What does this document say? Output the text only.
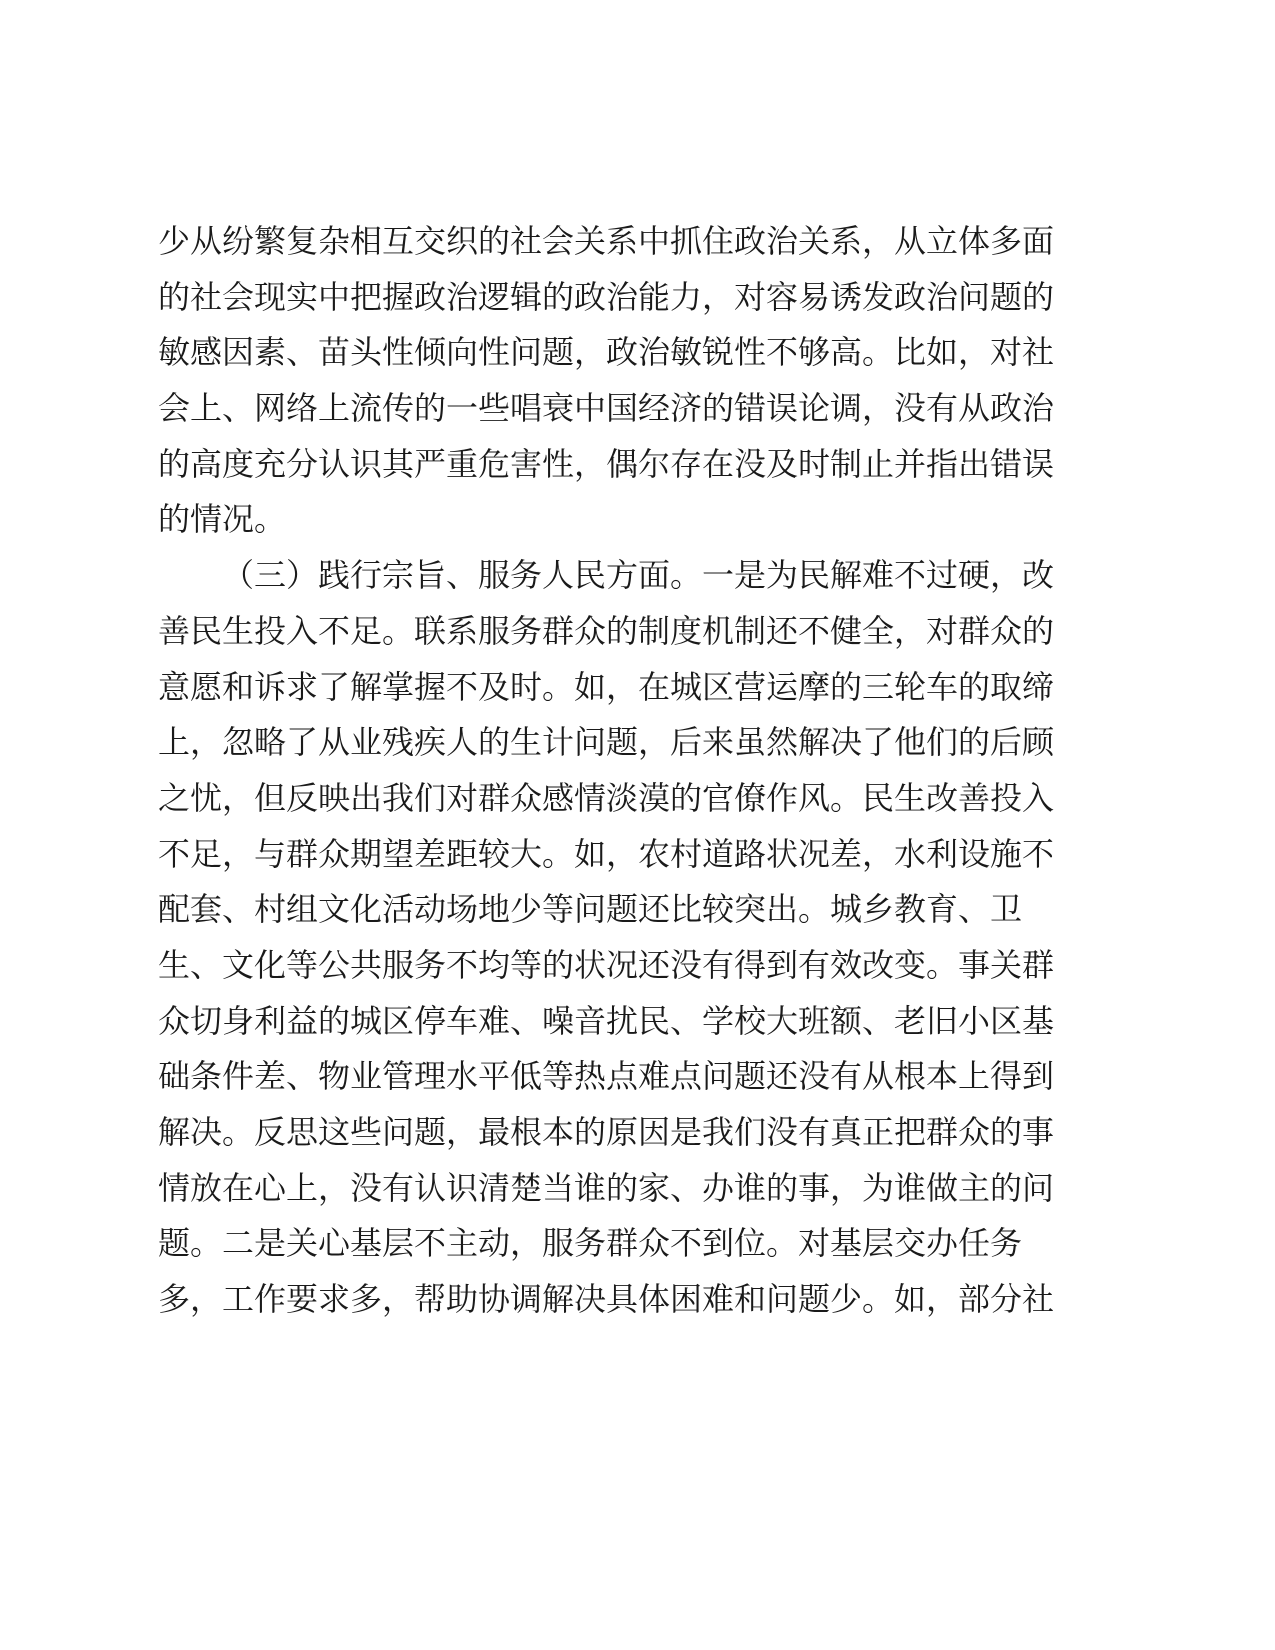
少从纷繁复杂相互交织的社会关系中抓住政治关系，从立体多面
的社会现实中把握政治逻辑的政治能力，对容易诱发政治问题的
敏感因素、苗头性倾向性问题，政治敏锐性不够高。比如，对社
会上、网络上流传的一些唱衰中国经济的错误论调，没有从政治
的高度充分认识其严重危害性，偶尔存在没及时制止并指出错误
的情况。
（三）践行宗旨、服务人民方面。一是为民解难不过硬，改
善民生投入不足。联系服务群众的制度机制还不健全，对群众的
意愿和诉求了解掌握不及时。如，在城区营运摩的三轮车的取缔
上，忽略了从业残疾人的生计问题，后来虽然解决了他们的后顾
之忧，但反映出我们对群众感情淡漠的官僚作风。民生改善投入
不足，与群众期望差距较大。如，农村道路状况差，水利设施不
配套、村组文化活动场地少等问题还比较突出。城乡教育、卫
生、文化等公共服务不均等的状况还没有得到有效改变。事关群
众切身利益的城区停车难、噪音扰民、学校大班额、老旧小区基
础条件差、物业管理水平低等热点难点问题还没有从根本上得到
解决。反思这些问题，最根本的原因是我们没有真正把群众的事
情放在心上，没有认识清楚当谁的家、办谁的事，为谁做主的问
题。二是关心基层不主动，服务群众不到位。对基层交办任务
多，工作要求多，帮助协调解决具体困难和问题少。如，部分社
